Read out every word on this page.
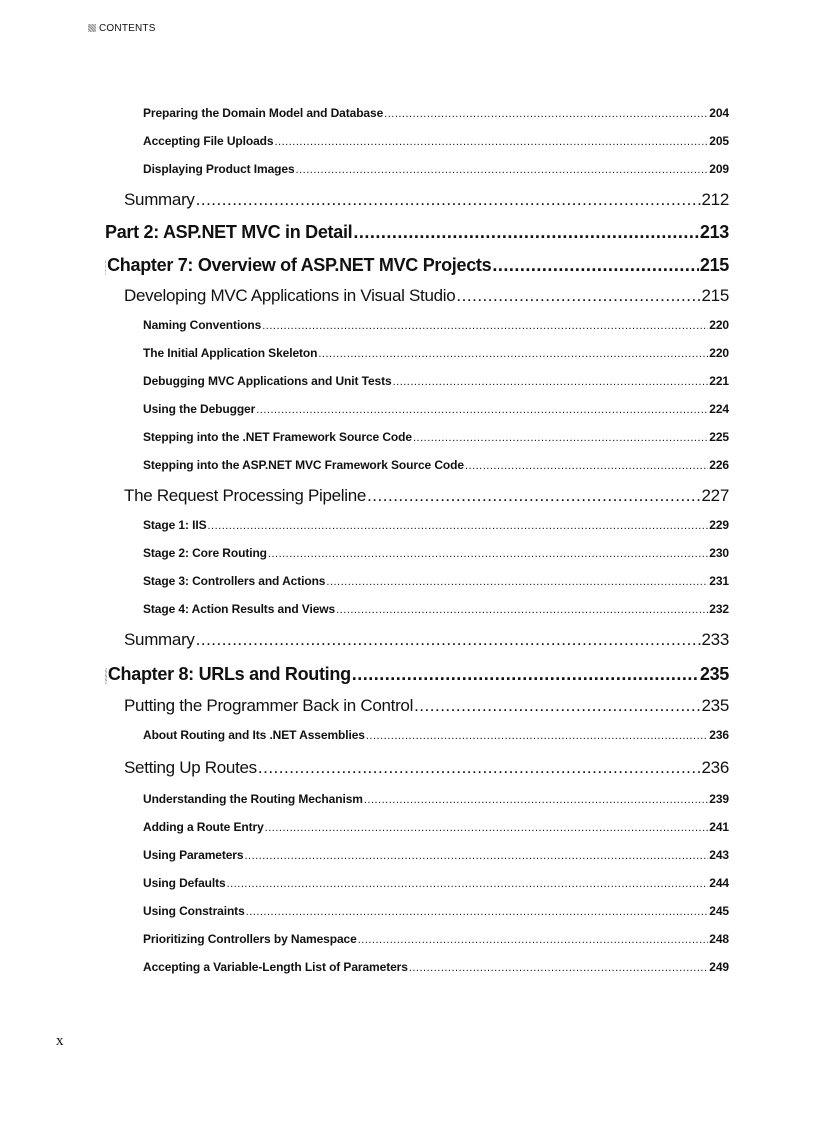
CONTENTS
Preparing the Domain Model and Database .....	204
Accepting File Uploads .....	205
Displaying Product Images .....	209
Summary .....	212
Part 2: ASP.NET MVC in Detail .....	213
Chapter 7: Overview of ASP.NET MVC Projects .....	215
Developing MVC Applications in Visual Studio .....	215
Naming Conventions .....	220
The Initial Application Skeleton .....	220
Debugging MVC Applications and Unit Tests .....	221
Using the Debugger .....	224
Stepping into the .NET Framework Source Code .....	225
Stepping into the ASP.NET MVC Framework Source Code .....	226
The Request Processing Pipeline .....	227
Stage 1: IIS .....	229
Stage 2: Core Routing .....	230
Stage 3: Controllers and Actions .....	231
Stage 4: Action Results and Views .....	232
Summary .....	233
Chapter 8: URLs and Routing .....	235
Putting the Programmer Back in Control .....	235
About Routing and Its .NET Assemblies .....	236
Setting Up Routes .....	236
Understanding the Routing Mechanism .....	239
Adding a Route Entry .....	241
Using Parameters .....	243
Using Defaults .....	244
Using Constraints .....	245
Prioritizing Controllers by Namespace .....	248
Accepting a Variable-Length List of Parameters .....	249
x
